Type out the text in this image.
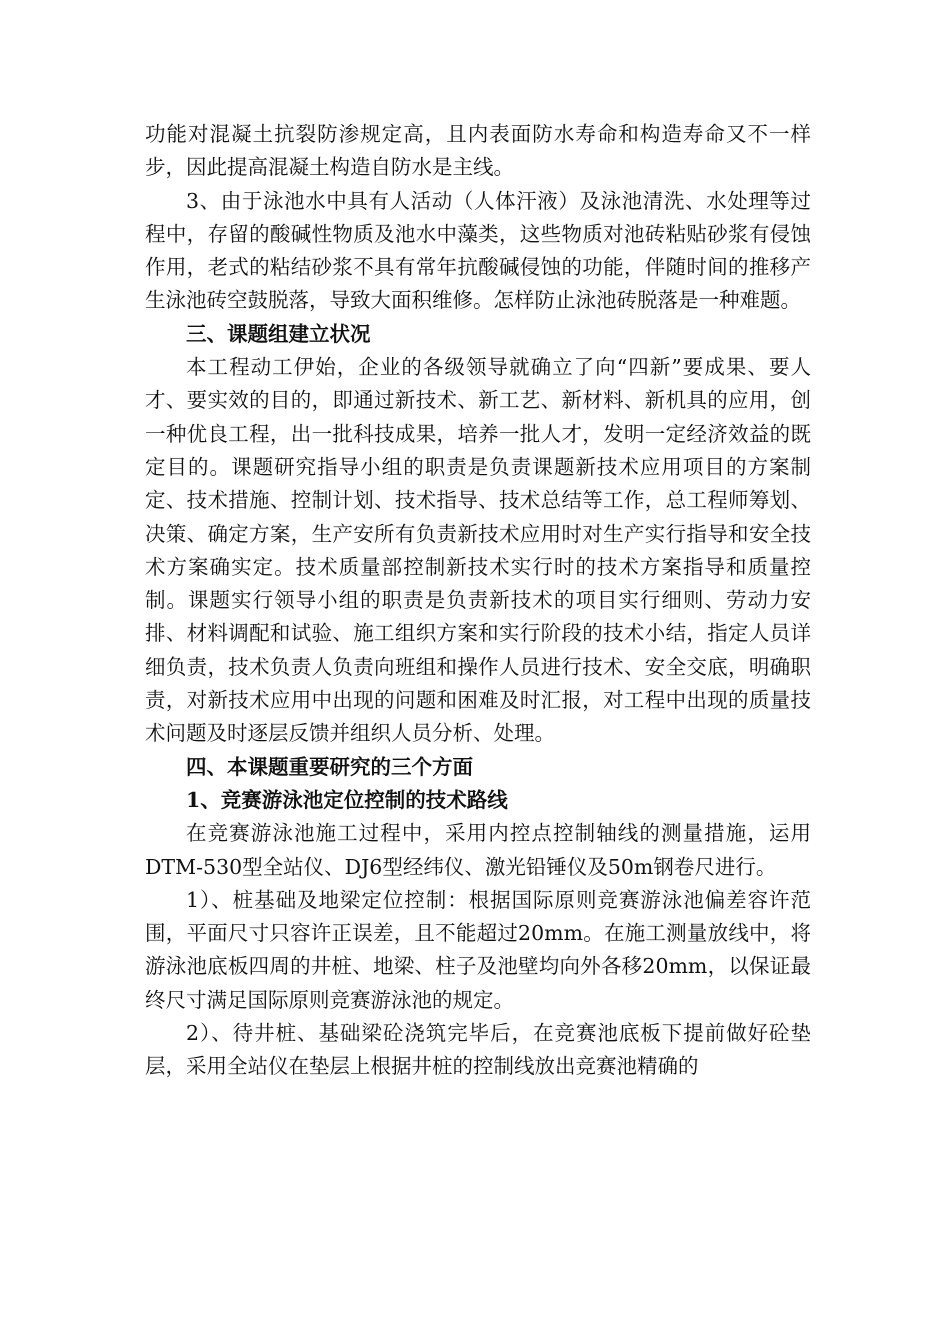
功能对混凝土抗裂防渗规定高，且内表面防水寿命和构造寿命又不一样步，因此提高混凝土构造自防水是主线。

3、由于泳池水中具有人活动（人体汗液）及泳池清洗、水处理等过程中，存留的酸碱性物质及池水中藻类，这些物质对池砖粘贴砂浆有侵蚀作用，老式的粘结砂浆不具有常年抗酸碱侵蚀的功能，伴随时间的推移产生泳池砖空鼓脱落，导致大面积维修。怎样防止泳池砖脱落是一种难题。

三、课题组建立状况

本工程动工伊始，企业的各级领导就确立了向“四新”要成果、要人才、要实效的目的，即通过新技术、新工艺、新材料、新机具的应用，创一种优良工程，出一批科技成果，培养一批人才，发明一定经济效益的既定目的。课题研究指导小组的职责是负责课题新技术应用项目的方案制定、技术措施、控制计划、技术指导、技术总结等工作，总工程师筹划、决策、确定方案，生产安所有负责新技术应用时对生产实行指导和安全技术方案确实定。技术质量部控制新技术实行时的技术方案指导和质量控制。课题实行领导小组的职责是负责新技术的项目实行细则、劳动力安排、材料调配和试验、施工组织方案和实行阶段的技术小结，指定人员详细负责，技术负责人负责向班组和操作人员进行技术、安全交底，明确职责，对新技术应用中出现的问题和困难及时汇报，对工程中出现的质量技术问题及时逐层反馈并组织人员分析、处理。

四、本课题重要研究的三个方面

1、竞赛游泳池定位控制的技术路线

在竞赛游泳池施工过程中，采用内控点控制轴线的测量措施，运用DTM-530型全站仪、DJ6型经纬仪、激光铅锤仪及50m钢卷尺进行。

1）、桩基础及地梁定位控制：根据国际原则竞赛游泳池偏差容许范围，平面尺寸只容许正误差，且不能超过20mm。在施工测量放线中，将游泳池底板四周的井桩、地梁、柱子及池壁均向外各移20mm，以保证最终尺寸满足国际原则竞赛游泳池的规定。

2）、待井桩、基础梁砼浇筑完毕后，在竞赛池底板下提前做好砼垫层，采用全站仪在垫层上根据井桩的控制线放出竞赛池精确的
